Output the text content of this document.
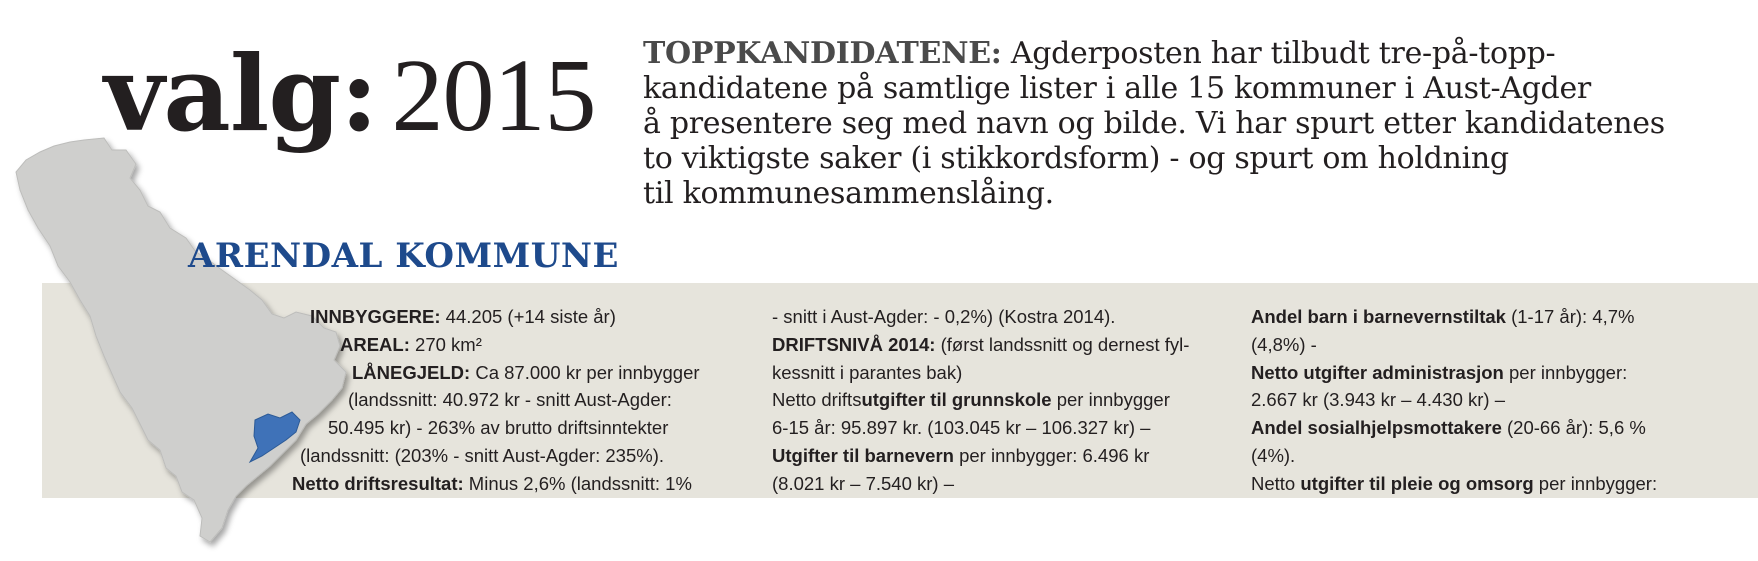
valg: 2015 TOPPKANDIDATENE: Agderposten har tilbudt tre-på-topp-
kandidatene på samtlige lister i alle 15 kommuner i Aust-Agder
å presentere seg med navn og bilde. Vi har spurt etter kandidatenes
to viktigste saker (i stikkordsform) - og spurt om holdning
til kommunesammenslåing.
ARENDAL KOMMUNE

INNBYGGERE: 44.205 (+14 siste år)

AREAL: 270 km²

LÅNEGJELD: Ca 87.000 kr per innbygger

(landssnitt: 40.972 kr - snitt Aust-Agder:

50.495 kr) - 263% av brutto driftsinntekter

(landssnitt: (203% - snitt Aust-Agder: 235%).

Netto driftsresultat: Minus 2,6% (landssnitt: 1%

- snitt i Aust-Agder: - 0,2%) (Kostra 2014).

DRIFTSNIVÅ 2014: (først landssnitt og dernest fyl-

kessnitt i parantes bak)

Netto driftsutgifter til grunnskole per innbygger

6-15 år: 95.897 kr. (103.045 kr – 106.327 kr) –

Utgifter til barnevern per innbygger: 6.496 kr

(8.021 kr – 7.540 kr) –

Andel barn i barnevernstiltak (1-17 år): 4,7%

(4,8%) -

Netto utgifter administrasjon per innbygger:

2.667 kr (3.943 kr – 4.430 kr) –

Andel sosialhjelpsmottakere (20-66 år): 5,6 %

(4%).

Netto utgifter til pleie og omsorg per innbygger:
